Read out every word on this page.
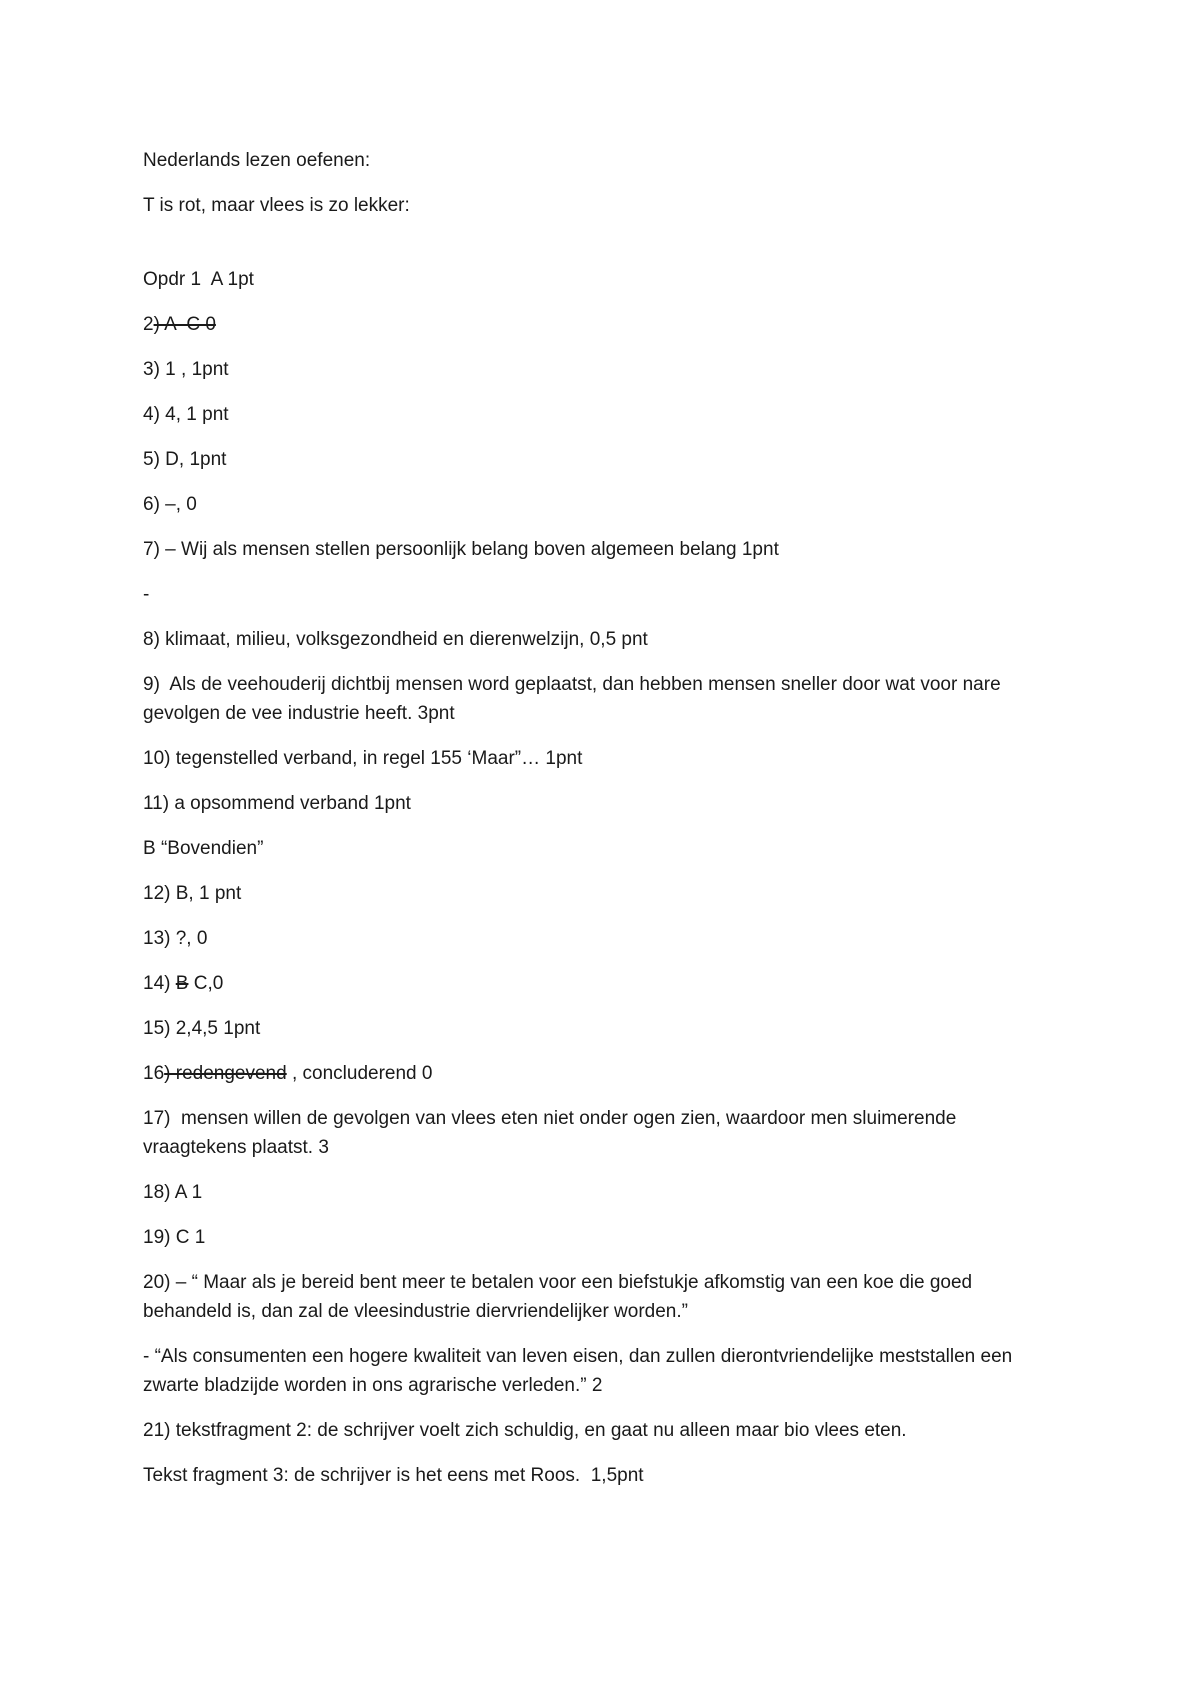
Nederlands lezen oefenen:

T is rot, maar vlees is zo lekker:

Opdr 1  A 1pt

2) A  C 0

3) 1 , 1pnt

4) 4, 1 pnt

5) D, 1pnt

6) –, 0

7) – Wij als mensen stellen persoonlijk belang boven algemeen belang 1pnt

-

8) klimaat, milieu, volksgezondheid en dierenwelzijn, 0,5 pnt

9)  Als de veehouderij dichtbij mensen word geplaatst, dan hebben mensen sneller door wat voor nare gevolgen de vee industrie heeft. 3pnt

10) tegenstelled verband, in regel 155 ‘Maar”… 1pnt

11) a opsommend verband 1pnt

B “Bovendien”

12) B, 1 pnt

13) ?, 0

14) B C,0

15) 2,4,5 1pnt

16) redengevend , concluderend 0

17)  mensen willen de gevolgen van vlees eten niet onder ogen zien, waardoor men sluimerende vraagtekens plaatst. 3

18) A 1

19) C 1

20) – “ Maar als je bereid bent meer te betalen voor een biefstukje afkomstig van een koe die goed behandeld is, dan zal de vleesindustrie diervriendelijker worden.”

- “Als consumenten een hogere kwaliteit van leven eisen, dan zullen dierontvriendelijke meststallen een zwarte bladzijde worden in ons agrarische verleden.” 2

21) tekstfragment 2: de schrijver voelt zich schuldig, en gaat nu alleen maar bio vlees eten.

Tekst fragment 3: de schrijver is het eens met Roos.  1,5pnt
